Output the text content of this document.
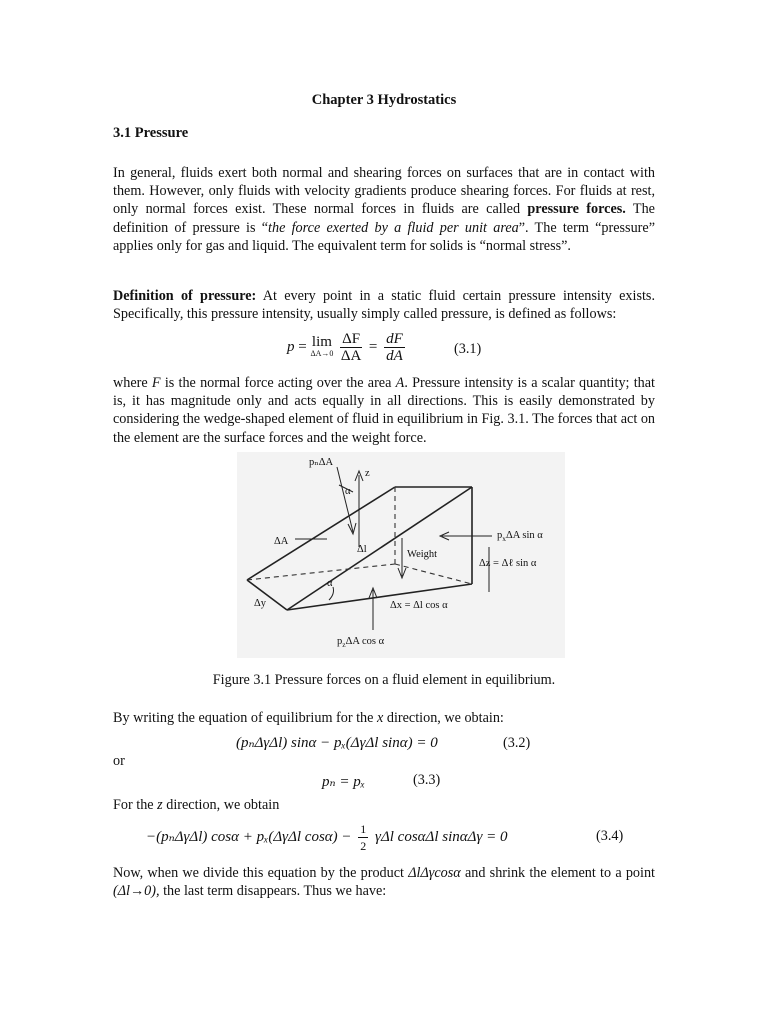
Chapter 3 Hydrostatics
3.1 Pressure
In general, fluids exert both normal and shearing forces on surfaces that are in contact with them. However, only fluids with velocity gradients produce shearing forces. For fluids at rest, only normal forces exist. These normal forces in fluids are called pressure forces. The definition of pressure is “the force exerted by a fluid per unit area”. The term “pressure” applies only for gas and liquid. The equivalent term for solids is “normal stress”.
Definition of pressure: At every point in a static fluid certain pressure intensity exists. Specifically, this pressure intensity, usually simply called pressure, is defined as follows:
p = lim
ΔA→0
$\frac{\Delta F}{\Delta A} = \frac{dF}{dA}$	(3.1)
where F is the normal force acting over the area A. Pressure intensity is a scalar quantity; that is, it has magnitude only and acts equally in all directions. This is easily demonstrated by considering the wedge-shaped element of fluid in equilibrium in Fig. 3.1. The forces that act on the element are the surface forces and the weight force.
pₙΔA
z
α
$p_x\Delta A$ sin α
ΔA
Δl	Weight
Δz = Δℓ sin α
α
Δy	Δx = Δl cos α
$p_z\Delta A$ cos α
Figure 3.1 Pressure forces on a fluid element in equilibrium.
By writing the equation of equilibrium for the x direction, we obtain:
(pₙΔγΔl) sinα − pₓ(ΔγΔl sinα) = 0	(3.2)
or
pₙ = pₓ	(3.3)
For the z direction, we obtain
−(pₙΔγΔl) cosα + pₓ(ΔγΔl $\cos\alpha) - \frac{1}{2}$ γΔl cosαΔl sinαΔγ = 0	(3.4)
Now, when we divide this equation by the product ΔlΔγcosα and shrink the element to a point (Δl→0), the last term disappears. Thus we have:
